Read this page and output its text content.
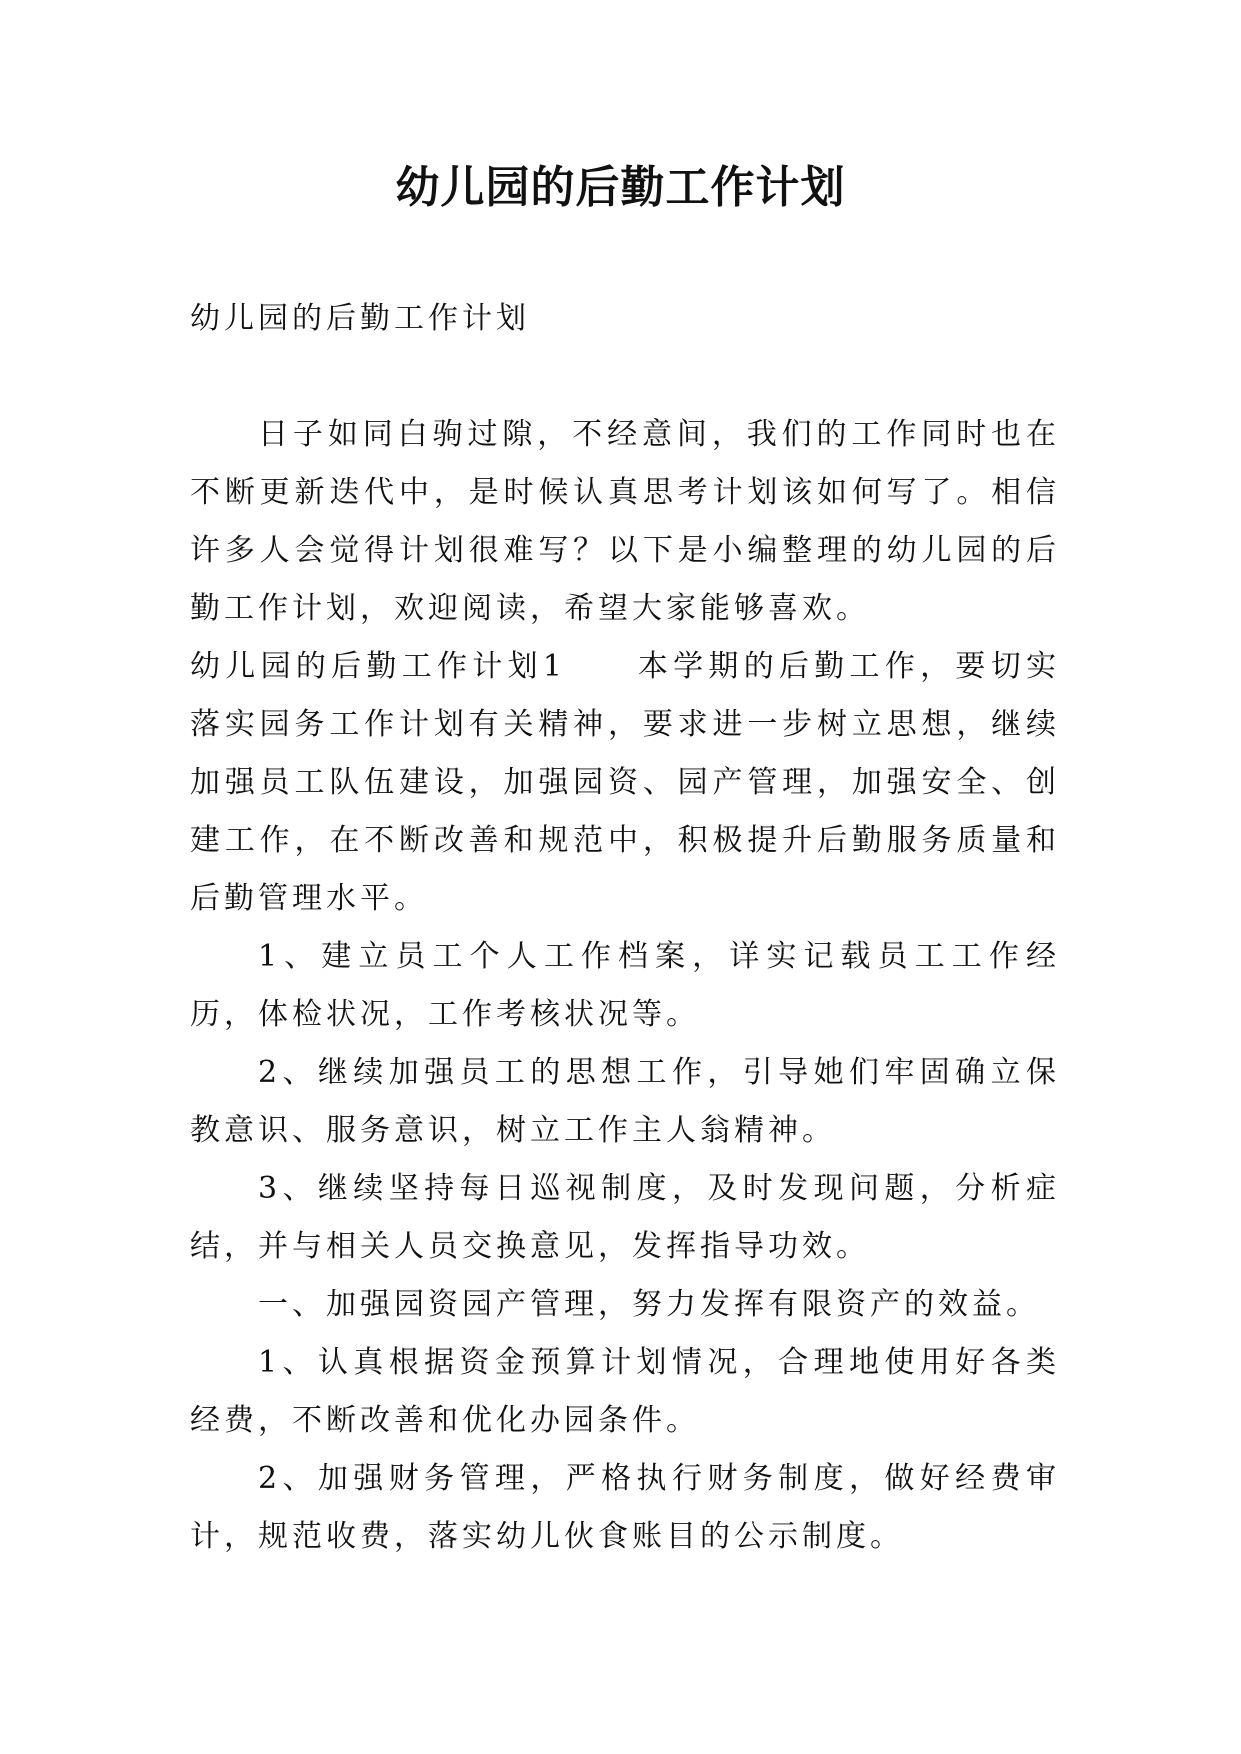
幼儿园的后勤工作计划

幼儿园的后勤工作计划

日子如同白驹过隙，不经意间，我们的工作同时也在不断更新迭代中，是时候认真思考计划该如何写了。相信许多人会觉得计划很难写？以下是小编整理的幼儿园的后勤工作计划，欢迎阅读，希望大家能够喜欢。

幼儿园的后勤工作计划1　　本学期的后勤工作，要切实落实园务工作计划有关精神，要求进一步树立思想，继续加强员工队伍建设，加强园资、园产管理，加强安全、创建工作，在不断改善和规范中，积极提升后勤服务质量和后勤管理水平。

1、建立员工个人工作档案，详实记载员工工作经历，体检状况，工作考核状况等。

2、继续加强员工的思想工作，引导她们牢固确立保教意识、服务意识，树立工作主人翁精神。

3、继续坚持每日巡视制度，及时发现问题，分析症结，并与相关人员交换意见，发挥指导功效。

一、加强园资园产管理，努力发挥有限资产的效益。

1、认真根据资金预算计划情况，合理地使用好各类经费，不断改善和优化办园条件。

2、加强财务管理，严格执行财务制度，做好经费审计，规范收费，落实幼儿伙食账目的公示制度。
